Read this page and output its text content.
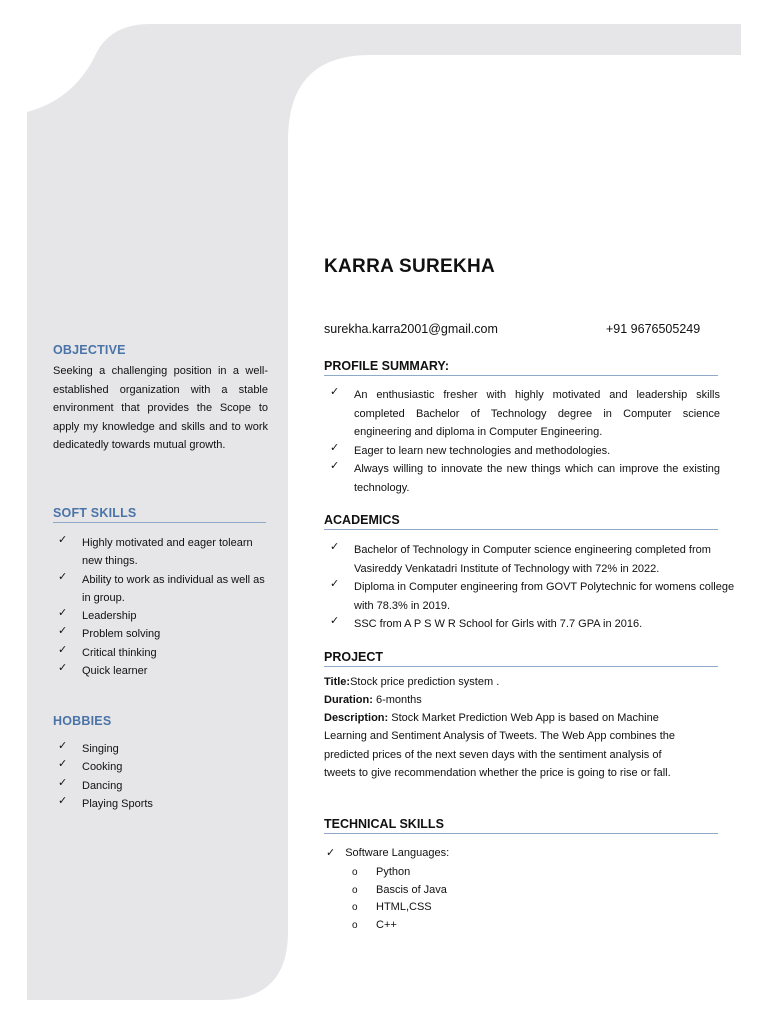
OBJECTIVE
Seeking a challenging position in a well-established organization with a stable environment that provides the Scope to apply my knowledge and skills and to work dedicatedly towards mutual growth.
SOFT SKILLS
✓ Highly motivated and eager tolearn new things.
✓ Ability to work as individual as well as in group.
✓ Leadership
✓ Problem solving
✓ Critical thinking
✓ Quick learner
HOBBIES
✓ Singing
✓ Cooking
✓ Dancing
✓ Playing Sports
KARRA SUREKHA
surekha.karra2001@gmail.com	+91 9676505249
PROFILE SUMMARY:
✓ An enthusiastic fresher with highly motivated and leadership skills completed Bachelor of Technology degree in Computer science engineering and diploma in Computer Engineering.
✓ Eager to learn new technologies and methodologies.
✓ Always willing to innovate the new things which can improve the existing technology.
ACADEMICS
✓ Bachelor of Technology in Computer science engineering completed from Vasireddy Venkatadri Institute of Technology with 72% in 2022.
✓ Diploma in Computer engineering from GOVT Polytechnic for womens college with 78.3% in 2019.
✓ SSC from A P S W R School for Girls with 7.7 GPA in 2016.
PROJECT
Title:Stock price prediction system .
Duration: 6-months
Description: Stock Market Prediction Web App is based on Machine Learning and Sentiment Analysis of Tweets. The Web App combines the predicted prices of the next seven days with the sentiment analysis of tweets to give recommendation whether the price is going to rise or fall.
TECHNICAL SKILLS
✓ Software Languages:
o Python
o Bascis of Java
o HTML,CSS
o C++
